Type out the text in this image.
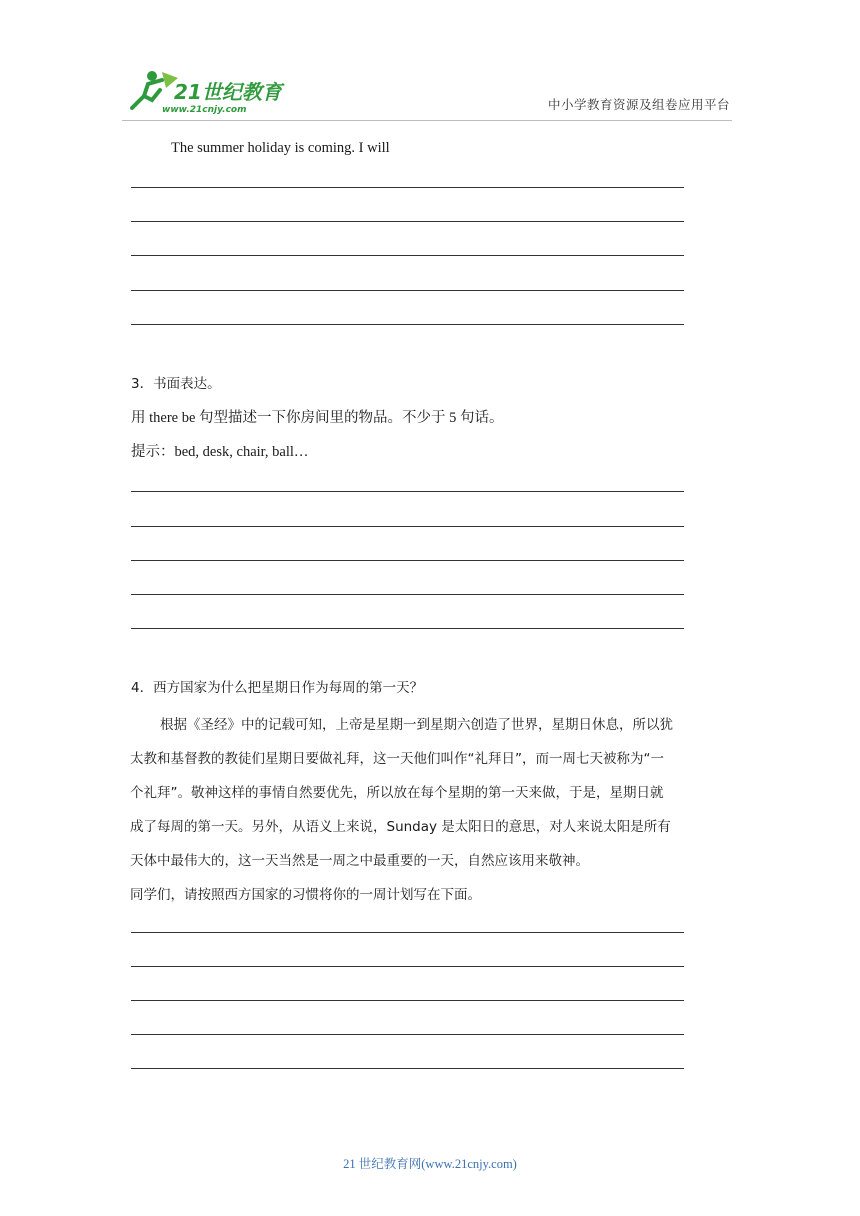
21世纪教育
www.21cnjy.com	中小学教育资源及组卷应用平台
The summer holiday is coming. I will
3．书面表达。
用 there be 句型描述一下你房间里的物品。不少于 5 句话。
提示：bed, desk, chair, ball…
4．西方国家为什么把星期日作为每周的第一天？
根据《圣经》中的记载可知，上帝是星期一到星期六创造了世界，星期日休息，所以犹
太教和基督教的教徒们星期日要做礼拜，这一天他们叫作“礼拜日”，而一周七天被称为“一
个礼拜”。敬神这样的事情自然要优先，所以放在每个星期的第一天来做，于是，星期日就
成了每周的第一天。另外，从语义上来说，Sunday 是太阳日的意思，对人来说太阳是所有
天体中最伟大的，这一天当然是一周之中最重要的一天，自然应该用来敬神。
同学们，请按照西方国家的习惯将你的一周计划写在下面。
21 世纪教育网(www.21cnjy.com)
